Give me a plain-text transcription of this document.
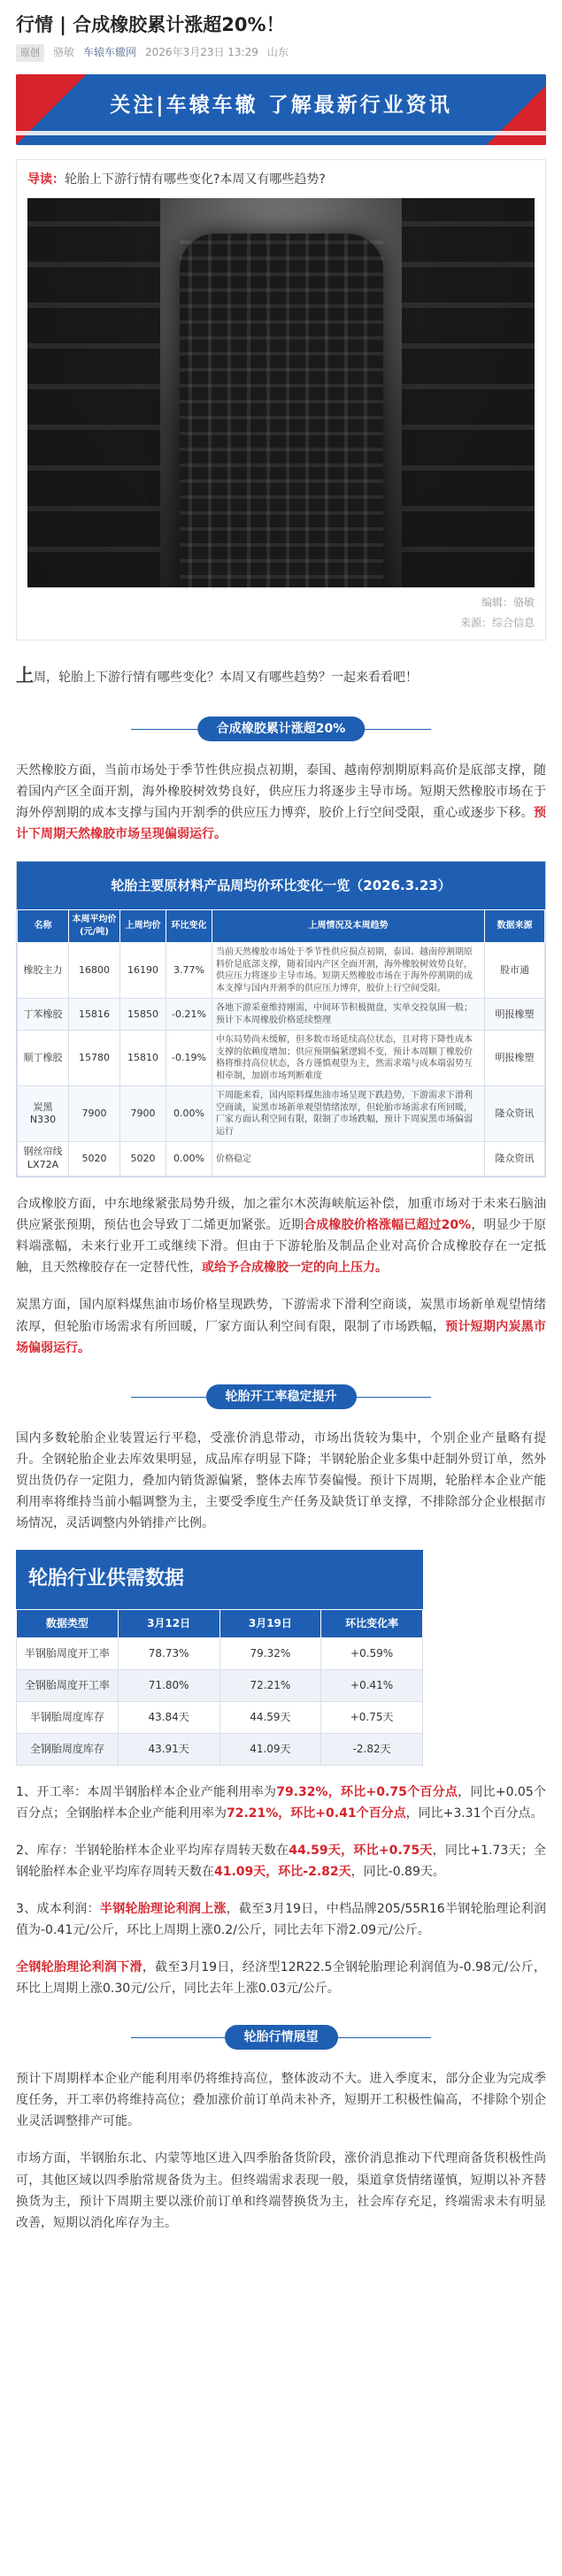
行情 | 合成橡胶累计涨超20%！
原创	骆敏 车辕车辙网 2026年3月23日 13:29 山东
关注|车辕车辙 了解最新行业资讯
导读：轮胎上下游行情有哪些变化?本周又有哪些趋势?
编辑：骆敏
来源：综合信息

上周，轮胎上下游行情有哪些变化？本周又有哪些趋势？一起来看看吧！

合成橡胶累计涨超20%

天然橡胶方面，当前市场处于季节性供应损点初期，泰国、越南停割期原料高价是底部支撑，随着国内产区全面开割，海外橡胶树效势良好，供应压力将逐步主导市场。短期天然橡胶市场在于海外停割期的成本支撑与国内开割季的供应压力博弈，胶价上行空间受限，重心或逐步下移。预计下周期天然橡胶市场呈现偏弱运行。

轮胎主要原材料产品周均价环比变化一览（2026.3.23）
名称	本周平均价(元/吨)	上周均价	环比变化	上周情况及本周趋势	数据来源
橡胶主力	16800	16190	3.77%	当前天然橡胶市场处于季节性供应损点初期，泰国、越南停割期原料价是底部支撑，随着国内产区全面开割，海外橡胶树效势良好，供应压力将逐步主导市场。短期天然橡胶市场在于海外停割期的成本支撑与国内开割季的供应压力博弈，胶价上行空间受限。	股市通
丁苯橡胶	15816	15850	-0.21%	各地下游采童维持刚需，中间环节积极抛盘，实单交投氛围一般；预计下本周橡胶价格延续整理	明报橡塑
顺丁橡胶	15780	15810	-0.19%	中东局势尚未缓解，但多数市场延续高位状态，且对将下降性成本支撑的依赖度增加；供应预期偏紧逻辑不变，预计本周顺丁橡胶价格将维持高位状态，各方谨慎观望为主，然需求端与成本端弱势互相牵制，加剧市场判断难度	明报橡塑
炭黑N330	7900	7900	0.00%	下周能来看，国内原料煤焦油市场呈现下跌趋势，下游需求下滑利空商谈，炭黑市场新单观望情绪浓厚，但轮胎市场需求有所回暖，厂家方面认利空间有限，限制了市场跌幅，预计下周炭黑市场偏弱运行	隆众资讯
钢丝帘线LX72A	5020	5020	0.00%	价格稳定	隆众资讯

合成橡胶方面，中东地缘紧张局势升级，加之霍尔木茨海峡航运补偿，加重市场对于未来石脑油供应紧张预期，预估也会导致丁二烯更加紧张。近期合成橡胶价格涨幅已超过20%，明显少于原料端涨幅，未来行业开工或继续下滑。但由于下游轮胎及制品企业对高价合成橡胶存在一定抵触，且天然橡胶存在一定替代性，或给予合成橡胶一定的向上压力。

炭黑方面，国内原料煤焦油市场价格呈现跌势，下游需求下滑利空商谈，炭黑市场新单观望情绪浓厚，但轮胎市场需求有所回暖，厂家方面认利空间有限，限制了市场跌幅，预计短期内炭黑市场偏弱运行。

轮胎开工率稳定提升

国内多数轮胎企业装置运行平稳，受涨价消息带动，市场出货较为集中，个别企业产量略有提升。全钢轮胎企业去库效果明显，成品库存明显下降；半钢轮胎企业多集中赶制外贸订单，然外贸出货仍存一定阻力，叠加内销货源偏紧，整体去库节奏偏慢。预计下周期，轮胎样本企业产能利用率将维持当前小幅调整为主，主要受季度生产任务及缺货订单支撑，不排除部分企业根据市场情况，灵活调整内外销排产比例。

轮胎行业供需数据
数据类型	3月12日	3月19日	环比变化率
半钢胎周度开工率	78.73%	79.32%	+0.59%
全钢胎周度开工率	71.80%	72.21%	+0.41%
半钢胎周度库存	43.84天	44.59天	+0.75天
全钢胎周度库存	43.91天	41.09天	-2.82天

1、开工率：本周半钢胎样本企业产能利用率为79.32%，环比+0.75个百分点，同比+0.05个百分点；全钢胎样本企业产能利用率为72.21%，环比+0.41个百分点，同比+3.31个百分点。

2、库存：半钢轮胎样本企业平均库存周转天数在44.59天，环比+0.75天，同比+1.73天；全钢轮胎样本企业平均库存周转天数在41.09天，环比-2.82天，同比-0.89天。

3、成本利润：半钢轮胎理论利润上涨，截至3月19日，中档品牌205/55R16半钢轮胎理论利润值为-0.41元/公斤，环比上周期上涨0.2/公斤，同比去年下滑2.09元/公斤。

全钢轮胎理论利润下滑，截至3月19日，经济型12R22.5全钢轮胎理论利润值为-0.98元/公斤，环比上周期上涨0.30元/公斤，同比去年上涨0.03元/公斤。

轮胎行情展望

预计下周期样本企业产能利用率仍将维持高位，整体波动不大。进入季度末，部分企业为完成季度任务，开工率仍将维持高位；叠加涨价前订单尚未补齐，短期开工积极性偏高，不排除个别企业灵活调整排产可能。

市场方面，半钢胎东北、内蒙等地区进入四季胎备货阶段，涨价消息推动下代理商备货积极性尚可，其他区域以四季胎常规备货为主。但终端需求表现一般，渠道拿货情绪谨慎，短期以补齐替换货为主，预计下周期主要以涨价前订单和终端替换货为主，社会库存充足，终端需求未有明显改善，短期以消化库存为主。
